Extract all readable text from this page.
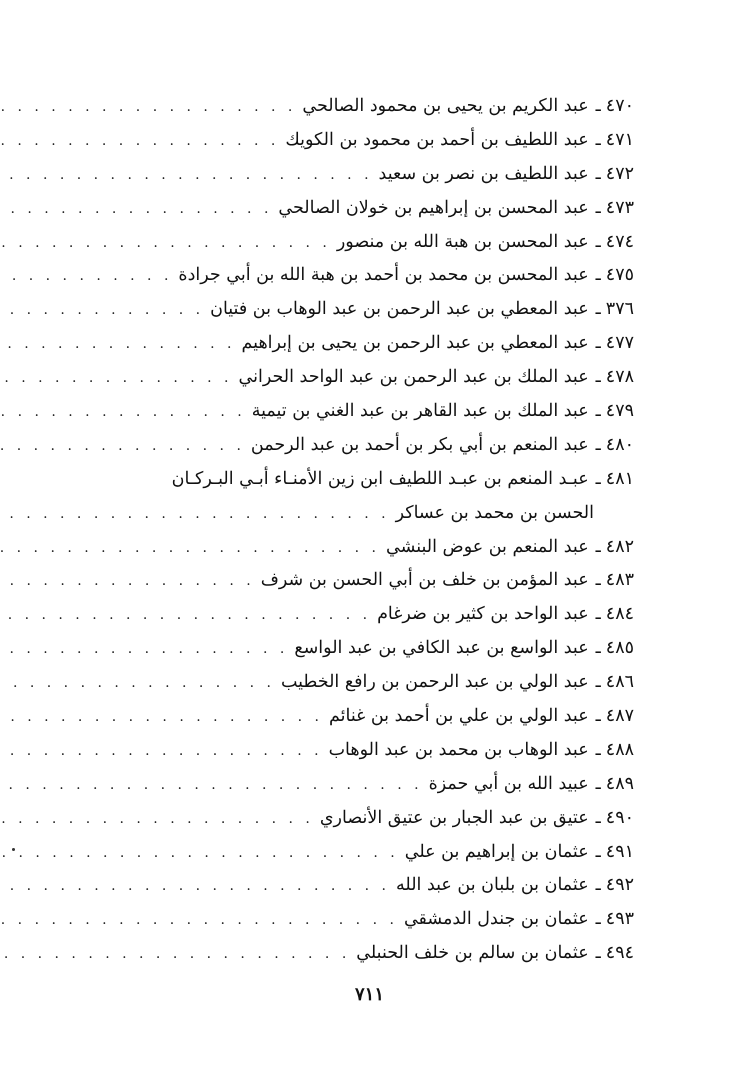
٤٧٠
ـ
عبد الكريم بن يحيى بن محمود الصالحي
. . .
٤٧١
ـ
عبد اللطيف بن أحمد بن محمود بن الكويك
. . .
٤٧٢
ـ
عبد اللطيف بن نصر بن سعيد
. . .
٤٧٣
ـ
عبد المحسن بن إبراهيم بن خولان الصالحي
. . .
٤٧٤
ـ
عبد المحسن بن هبة الله بن منصور
. . .
٤٧٥
ـ
عبد المحسن بن محمد بن أحمد بن هبة الله بن أبي جرادة
. . .
٣٧٦
ـ
عبد المعطي بن عبد الرحمن بن عبد الوهاب بن فتيان
. . .
٤٧٧
ـ
عبد المعطي بن عبد الرحمن بن يحيى بن إبراهيم
. . .
٤٧٨
ـ
عبد الملك بن عبد الرحمن بن عبد الواحد الحراني
. . .
٤٧٩
ـ
عبد الملك بن عبد القاهر بن عبد الغني بن تيمية
. . .
٤٨٠
ـ
عبد المنعم بن أبي بكر بن أحمد بن عبد الرحمن
. . .
٤٨١
ـ
عبـد المنعم بن عبـد اللطيف ابن زين الأمنـاء أبـي البـركـان
الحسن بن محمد بن عساكر
. . .
٤٨٢
ـ
عبد المنعم بن عوض البنشي
. . .
٤٨٣
ـ
عبد المؤمن بن خلف بن أبي الحسن بن شرف
. . .
٤٨٤
ـ
عبد الواحد بن كثير بن ضرغام
. . .
٤٨٥
ـ
عبد الواسع بن عبد الكافي بن عبد الواسع
. . .
٤٨٦
ـ
عبد الولي بن عبد الرحمن بن رافع الخطيب
. . .
٤٨٧
ـ
عبد الولي بن علي بن أحمد بن غنائم
. . .
٤٨٨
ـ
عبد الوهاب بن محمد بن عبد الوهاب
. . .
٤٨٩
ـ
عبيد الله بن أبي حمزة
. . .
٤٩٠
ـ
عتيق بن عبد الجبار بن عتيق الأنصاري
. . .
٤٩١
ـ
عثمان بن إبراهيم بن علي
. . .
٤٩٢
ـ
عثمان بن بلبان بن عبد الله
. . .
٤٩٣
ـ
عثمان بن جندل الدمشقي
. . .
٤٩٤
ـ
عثمان بن سالم بن خلف الحنبلي
. . .
٧١١
